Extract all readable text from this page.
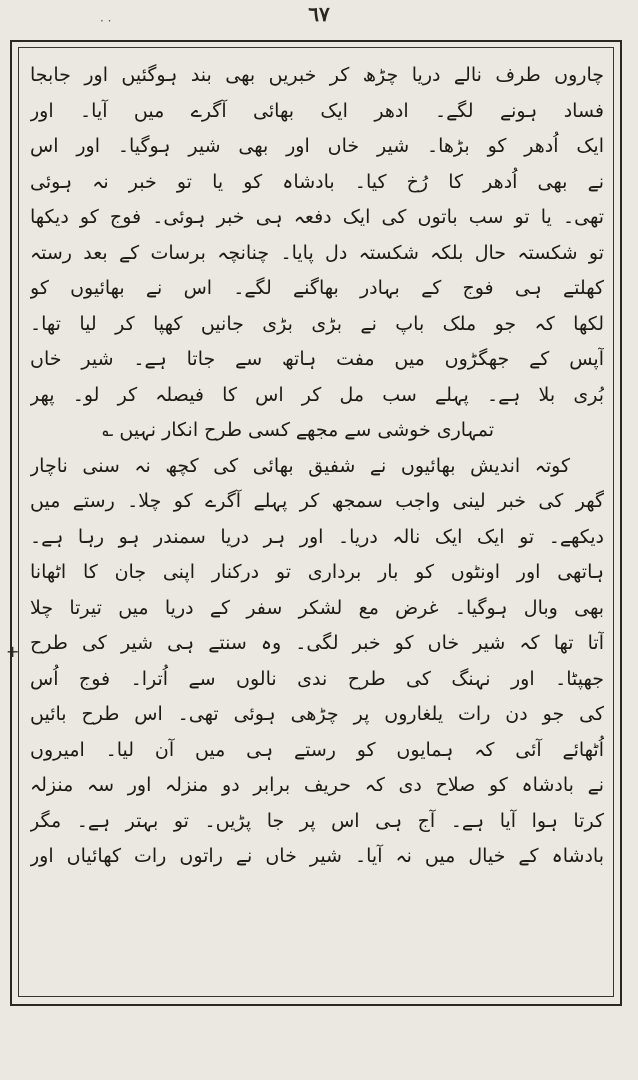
· ·	٦٧
+
چاروں طرف نالے دریا چڑھ کر خبریں بھی بند ہوگئیں اور جابجا
فساد ہونے لگے۔ ادھر ایک بھائی آگرے میں آیا۔ اور
ایک اُدھر کو بڑھا۔ شیر خاں اور بھی شیر ہوگیا۔ اور اس
نے بھی اُدھر کا رُخ کیا۔ بادشاہ کو یا تو خبر نہ ہوئی
تھی۔ یا تو سب باتوں کی ایک دفعہ ہی خبر ہوئی۔ فوج کو دیکھا
تو شکستہ حال بلکہ شکستہ دل پایا۔ چنانچہ برسات کے بعد رستہ
کھلتے ہی فوج کے بہادر بھاگنے لگے۔ اس نے بھائیوں کو
لکھا کہ جو ملک باپ نے بڑی بڑی جانیں کھپا کر لیا تھا۔
آپس کے جھگڑوں میں مفت ہاتھ سے جاتا ہے۔ شیر خاں
بُری بلا ہے۔ پہلے سب مل کر اس کا فیصلہ کر لو۔ پھر
تمہاری خوشی سے مجھے کسی طرح انکار نہیں ؎
کوتہ اندیش بھائیوں نے شفیق بھائی کی کچھ نہ سنی ناچار
گھر کی خبر لینی واجب سمجھ کر پہلے آگرے کو چلا۔ رستے میں
دیکھے۔ تو ایک ایک نالہ دریا۔ اور ہر دریا سمندر ہو رہا ہے۔
ہاتھی اور اونٹوں کو بار برداری تو درکنار اپنی جان کا اٹھانا
بھی وبال ہوگیا۔ غرض مع لشکر سفر کے دریا میں تیرتا چلا
آتا تھا کہ شیر خاں کو خبر لگی۔ وہ سنتے ہی شیر کی طرح
جھپٹا۔ اور نہنگ کی طرح ندی نالوں سے اُترا۔ فوج اُس
کی جو دن رات یلغاروں پر چڑھی ہوئی تھی۔ اس طرح بائیں
اُٹھائے آئی کہ ہمایوں کو رستے ہی میں آن لیا۔ امیروں
نے بادشاہ کو صلاح دی کہ حریف برابر دو منزلہ اور سہ منزلہ
کرتا ہوا آیا ہے۔ آج ہی اس پر جا پڑیں۔ تو بہتر ہے۔ مگر
بادشاہ کے خیال میں نہ آیا۔ شیر خاں نے راتوں رات کھائیاں اور
